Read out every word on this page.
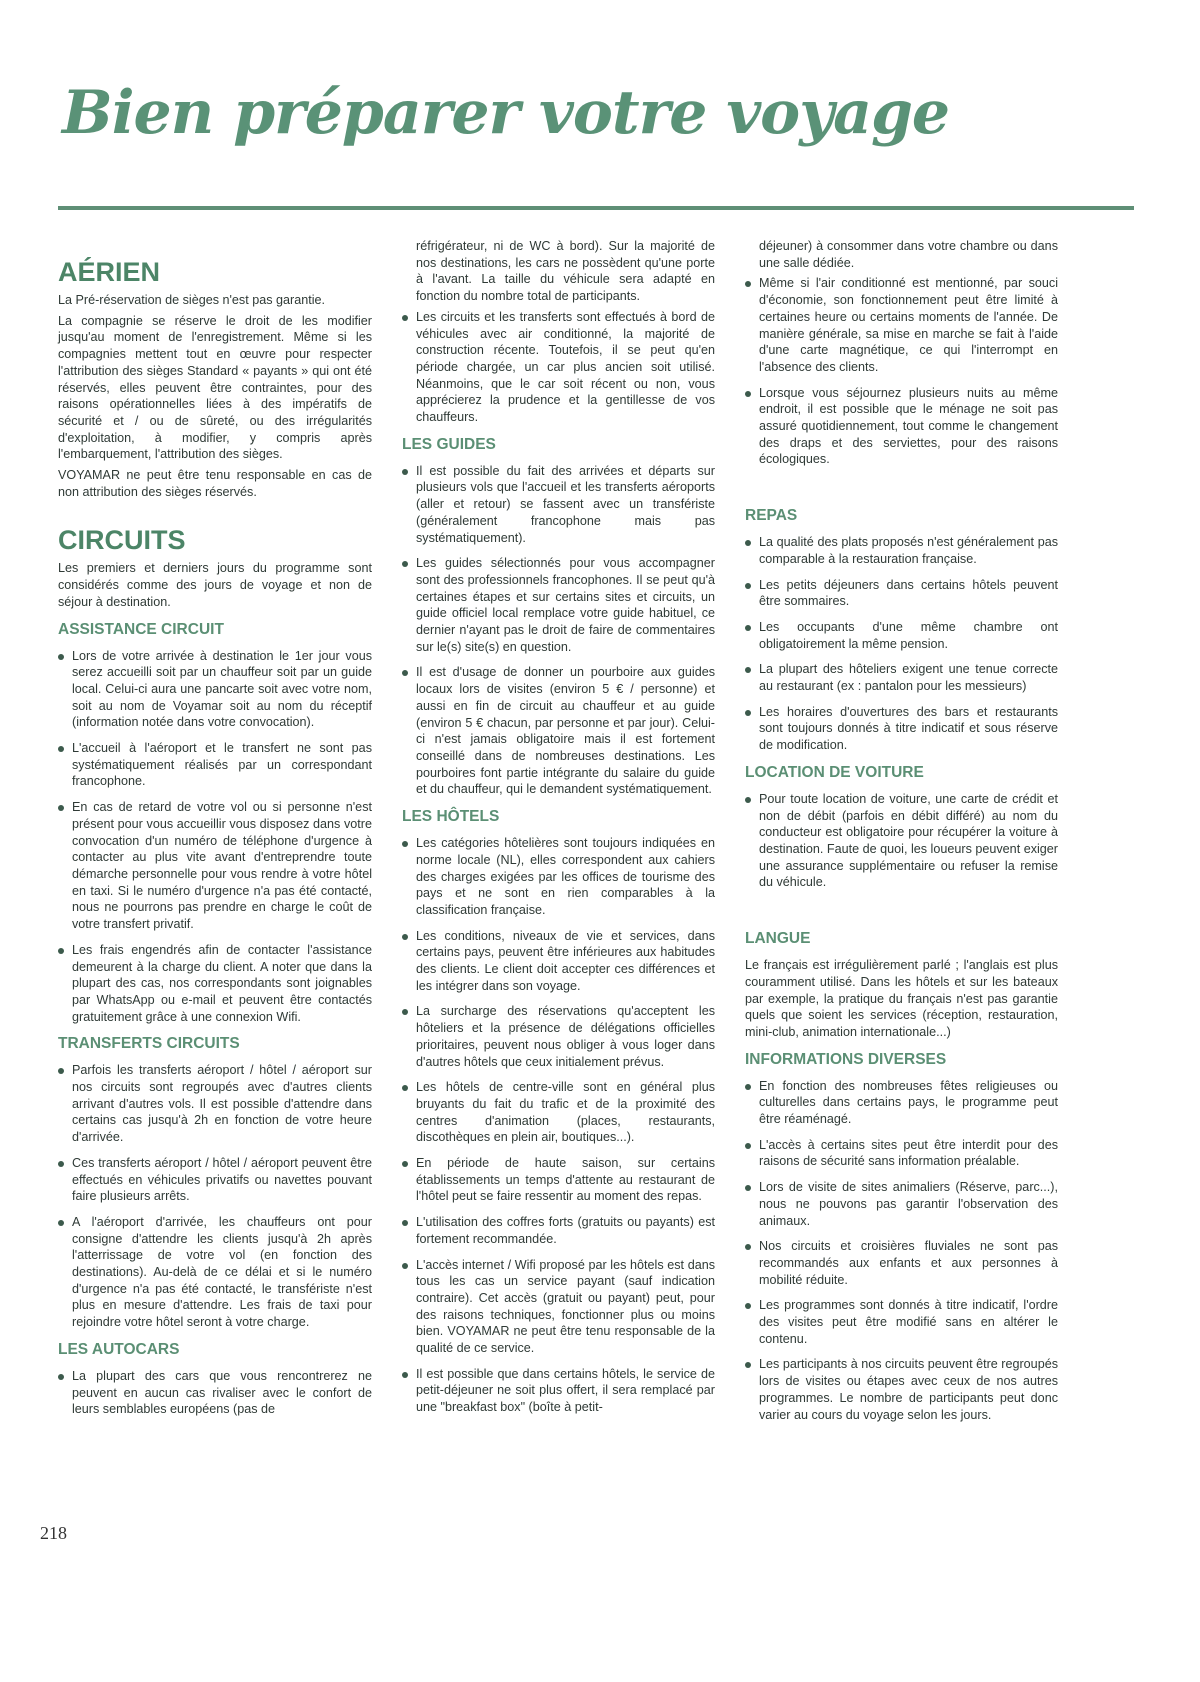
Bien préparer votre voyage
AÉRIEN
La Pré-réservation de sièges n'est pas garantie.
La compagnie se réserve le droit de les modifier jusqu'au moment de l'enregistrement. Même si les compagnies mettent tout en œuvre pour respecter l'attribution des sièges Standard « payants » qui ont été réservés, elles peuvent être contraintes, pour des raisons opérationnelles liées à des impératifs de sécurité et / ou de sûreté, ou des irrégularités d'exploitation, à modifier, y compris après l'embarquement, l'attribution des sièges.
VOYAMAR ne peut être tenu responsable en cas de non attribution des sièges réservés.
CIRCUITS
Les premiers et derniers jours du programme sont considérés comme des jours de voyage et non de séjour à destination.
ASSISTANCE CIRCUIT
Lors de votre arrivée à destination le 1er jour vous serez accueilli soit par un chauffeur soit par un guide local. Celui-ci aura une pancarte soit avec votre nom, soit au nom de Voyamar soit au nom du réceptif (information notée dans votre convocation).
L'accueil à l'aéroport et le transfert ne sont pas systématiquement réalisés par un correspondant francophone.
En cas de retard de votre vol ou si personne n'est présent pour vous accueillir vous disposez dans votre convocation d'un numéro de téléphone d'urgence à contacter au plus vite avant d'entreprendre toute démarche personnelle pour vous rendre à votre hôtel en taxi. Si le numéro d'urgence n'a pas été contacté, nous ne pourrons pas prendre en charge le coût de votre transfert privatif.
Les frais engendrés afin de contacter l'assistance demeurent à la charge du client. A noter que dans la plupart des cas, nos correspondants sont joignables par WhatsApp ou e-mail et peuvent être contactés gratuitement grâce à une connexion Wifi.
TRANSFERTS CIRCUITS
Parfois les transferts aéroport / hôtel / aéroport sur nos circuits sont regroupés avec d'autres clients arrivant d'autres vols. Il est possible d'attendre dans certains cas jusqu'à 2h en fonction de votre heure d'arrivée.
Ces transferts aéroport / hôtel / aéroport peuvent être effectués en véhicules privatifs ou navettes pouvant faire plusieurs arrêts.
A l'aéroport d'arrivée, les chauffeurs ont pour consigne d'attendre les clients jusqu'à 2h après l'atterrissage de votre vol (en fonction des destinations). Au-delà de ce délai et si le numéro d'urgence n'a pas été contacté, le transfériste n'est plus en mesure d'attendre. Les frais de taxi pour rejoindre votre hôtel seront à votre charge.
LES AUTOCARS
La plupart des cars que vous rencontrerez ne peuvent en aucun cas rivaliser avec le confort de leurs semblables européens (pas de
réfrigérateur, ni de WC à bord). Sur la majorité de nos destinations, les cars ne possèdent qu'une porte à l'avant. La taille du véhicule sera adapté en fonction du nombre total de participants.
Les circuits et les transferts sont effectués à bord de véhicules avec air conditionné, la majorité de construction récente. Toutefois, il se peut qu'en période chargée, un car plus ancien soit utilisé. Néanmoins, que le car soit récent ou non, vous apprécierez la prudence et la gentillesse de vos chauffeurs.
LES GUIDES
Il est possible du fait des arrivées et départs sur plusieurs vols que l'accueil et les transferts aéroports (aller et retour) se fassent avec un transfériste (généralement francophone mais pas systématiquement).
Les guides sélectionnés pour vous accompagner sont des professionnels francophones. Il se peut qu'à certaines étapes et sur certains sites et circuits, un guide officiel local remplace votre guide habituel, ce dernier n'ayant pas le droit de faire de commentaires sur le(s) site(s) en question.
Il est d'usage de donner un pourboire aux guides locaux lors de visites (environ 5 € / personne) et aussi en fin de circuit au chauffeur et au guide (environ 5 € chacun, par personne et par jour). Celui-ci n'est jamais obligatoire mais il est fortement conseillé dans de nombreuses destinations. Les pourboires font partie intégrante du salaire du guide et du chauffeur, qui le demandent systématiquement.
LES HÔTELS
Les catégories hôtelières sont toujours indiquées en norme locale (NL), elles correspondent aux cahiers des charges exigées par les offices de tourisme des pays et ne sont en rien comparables à la classification française.
Les conditions, niveaux de vie et services, dans certains pays, peuvent être inférieures aux habitudes des clients. Le client doit accepter ces différences et les intégrer dans son voyage.
La surcharge des réservations qu'acceptent les hôteliers et la présence de délégations officielles prioritaires, peuvent nous obliger à vous loger dans d'autres hôtels que ceux initialement prévus.
Les hôtels de centre-ville sont en général plus bruyants du fait du trafic et de la proximité des centres d'animation (places, restaurants, discothèques en plein air, boutiques...).
En période de haute saison, sur certains établissements un temps d'attente au restaurant de l'hôtel peut se faire ressentir au moment des repas.
L'utilisation des coffres forts (gratuits ou payants) est fortement recommandée.
L'accès internet / Wifi proposé par les hôtels est dans tous les cas un service payant (sauf indication contraire). Cet accès (gratuit ou payant) peut, pour des raisons techniques, fonctionner plus ou moins bien. VOYAMAR ne peut être tenu responsable de la qualité de ce service.
Il est possible que dans certains hôtels, le service de petit-déjeuner ne soit plus offert, il sera remplacé par une "breakfast box" (boîte à petit-
déjeuner) à consommer dans votre chambre ou dans une salle dédiée.
Même si l'air conditionné est mentionné, par souci d'économie, son fonctionnement peut être limité à certaines heure ou certains moments de l'année. De manière générale, sa mise en marche se fait à l'aide d'une carte magnétique, ce qui l'interrompt en l'absence des clients.
Lorsque vous séjournez plusieurs nuits au même endroit, il est possible que le ménage ne soit pas assuré quotidiennement, tout comme le changement des draps et des serviettes, pour des raisons écologiques.
REPAS
La qualité des plats proposés n'est généralement pas comparable à la restauration française.
Les petits déjeuners dans certains hôtels peuvent être sommaires.
Les occupants d'une même chambre ont obligatoirement la même pension.
La plupart des hôteliers exigent une tenue correcte au restaurant (ex : pantalon pour les messieurs)
Les horaires d'ouvertures des bars et restaurants sont toujours donnés à titre indicatif et sous réserve de modification.
LOCATION DE VOITURE
Pour toute location de voiture, une carte de crédit et non de débit (parfois en débit différé) au nom du conducteur est obligatoire pour récupérer la voiture à destination. Faute de quoi, les loueurs peuvent exiger une assurance supplémentaire ou refuser la remise du véhicule.
LANGUE
Le français est irrégulièrement parlé ; l'anglais est plus couramment utilisé. Dans les hôtels et sur les bateaux par exemple, la pratique du français n'est pas garantie quels que soient les services (réception, restauration, mini-club, animation internationale...)
INFORMATIONS DIVERSES
En fonction des nombreuses fêtes religieuses ou culturelles dans certains pays, le programme peut être réaménagé.
L'accès à certains sites peut être interdit pour des raisons de sécurité sans information préalable.
Lors de visite de sites animaliers (Réserve, parc...), nous ne pouvons pas garantir l'observation des animaux.
Nos circuits et croisières fluviales ne sont pas recommandés aux enfants et aux personnes à mobilité réduite.
Les programmes sont donnés à titre indicatif, l'ordre des visites peut être modifié sans en altérer le contenu.
Les participants à nos circuits peuvent être regroupés lors de visites ou étapes avec ceux de nos autres programmes. Le nombre de participants peut donc varier au cours du voyage selon les jours.
218
